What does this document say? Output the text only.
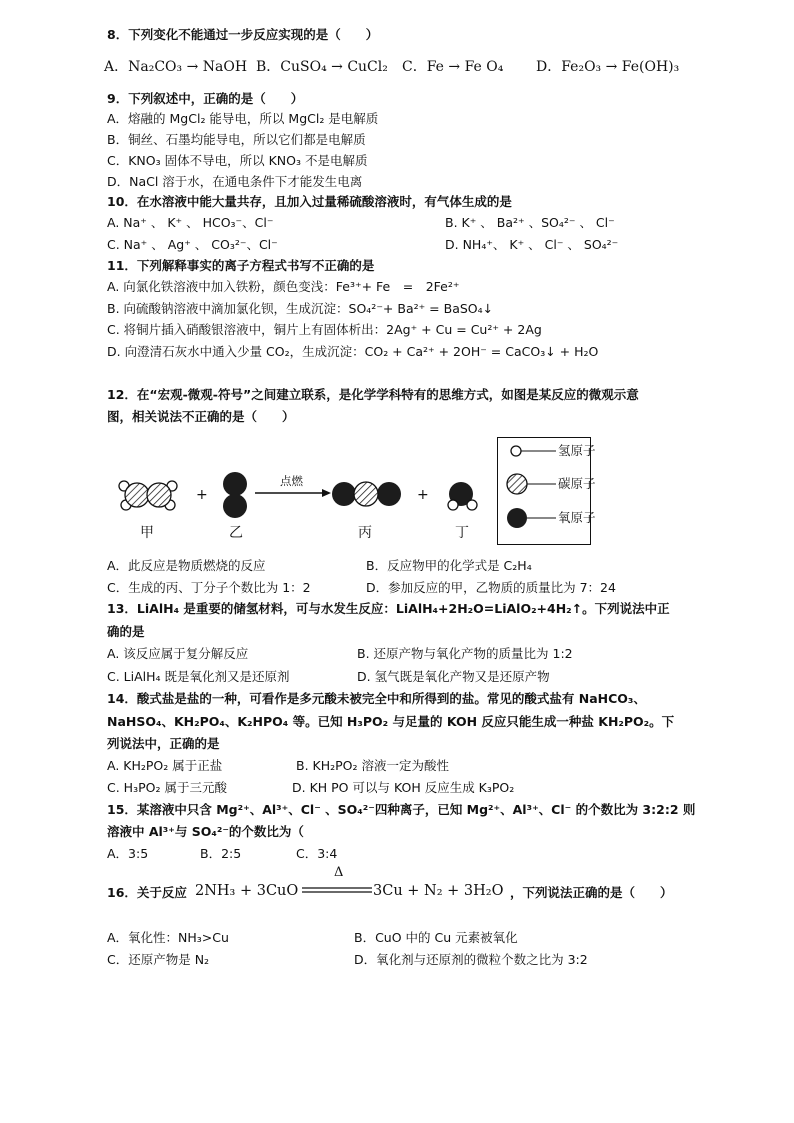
8．下列变化不能通过一步反应实现的是（　　）
A．Na₂CO₃ → NaOH B．CuSO₄ → CuCl₂ C．Fe → Fe O₄ D．Fe₂O₃ → Fe(OH)₃
9．下列叙述中，正确的是（　　）
A．熔融的 MgCl₂ 能导电，所以 MgCl₂ 是电解质
B．铜丝、石墨均能导电，所以它们都是电解质
C．KNO₃ 固体不导电，所以 KNO₃ 不是电解质
D．NaCl 溶于水，在通电条件下才能发生电离
10．在水溶液中能大量共存，且加入过量稀硫酸溶液时，有气体生成的是
A. Na⁺ 、 K⁺ 、 HCO₃⁻、Cl⁻	B. K⁺ 、 Ba²⁺ 、SO₄²⁻ 、 Cl⁻
C. Na⁺ 、 Ag⁺ 、 CO₃²⁻、Cl⁻	D. NH₄⁺、 K⁺ 、 Cl⁻ 、 SO₄²⁻
11．下列解释事实的离子方程式书写不正确的是
A. 向氯化铁溶液中加入铁粉，颜色变浅：Fe³⁺+ Fe　=　2Fe²⁺
B. 向硫酸钠溶液中滴加氯化钡，生成沉淀：SO₄²⁻+ Ba²⁺ = BaSO₄↓
C. 将铜片插入硝酸银溶液中，铜片上有固体析出：2Ag⁺ + Cu = Cu²⁺ + 2Ag
D. 向澄清石灰水中通入少量 CO₂，生成沉淀：CO₂ + Ca²⁺ + 2OH⁻ = CaCO₃↓ + H₂O
12．在“宏观-微观-符号”之间建立联系，是化学学科特有的思维方式，如图是某反应的微观示意
图，相关说法不正确的是（　　）
点燃
+	+
甲	乙	丙	丁
氢原子
碳原子
氧原子
A．此反应是物质燃烧的反应	B．反应物甲的化学式是 C₂H₄
C．生成的丙、丁分子个数比为 1：2	D．参加反应的甲，乙物质的质量比为 7：24
13．LiAlH₄ 是重要的储氢材料，可与水发生反应：LiAlH₄+2H₂O=LiAlO₂+4H₂↑。下列说法中正
确的是
A. 该反应属于复分解反应	B. 还原产物与氧化产物的质量比为 1:2
C. LiAlH₄ 既是氧化剂又是还原剂	D. 氢气既是氧化产物又是还原产物
14．酸式盐是盐的一种，可看作是多元酸未被完全中和所得到的盐。常见的酸式盐有 NaHCO₃、
NaHSO₄、KH₂PO₄、K₂HPO₄ 等。已知 H₃PO₂ 与足量的 KOH 反应只能生成一种盐 KH₂PO₂。下
列说法中，正确的是
A. KH₂PO₂ 属于正盐	B. KH₂PO₂ 溶液一定为酸性
C. H₃PO₂ 属于三元酸	D. KH PO 可以与 KOH 反应生成 K₃PO₂
15．某溶液中只含 Mg²⁺、Al³⁺、Cl⁻ 、SO₄²⁻四种离子，已知 Mg²⁺、Al³⁺、Cl⁻ 的个数比为 3:2:2 则
溶液中 Al³⁺与 SO₄²⁻的个数比为（
A．3:5	B．2:5	C．3:4
16．关于反应 2NH₃ + 3CuO
Δ
3Cu + N₂ + 3H₂O ，下列说法正确的是（　　）
A．氧化性：NH₃>Cu	B．CuO 中的 Cu 元素被氧化
C．还原产物是 N₂	D．氧化剂与还原剂的微粒个数之比为 3:2
